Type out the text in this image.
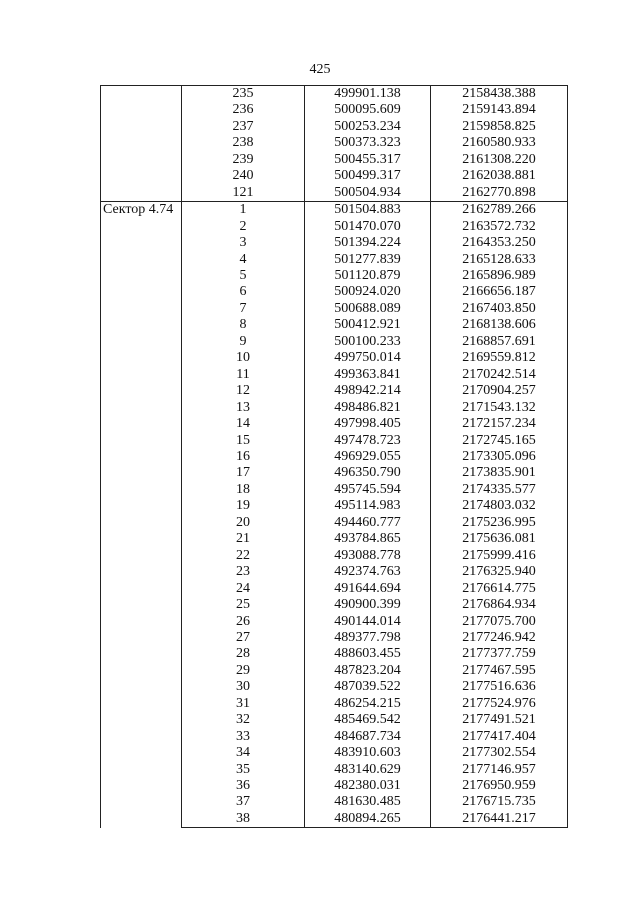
425
	235	499901.138	2158438.388
	236	500095.609	2159143.894
	237	500253.234	2159858.825
	238	500373.323	2160580.933
	239	500455.317	2161308.220
	240	500499.317	2162038.881
	121	500504.934	2162770.898
Сектор 4.74	1	501504.883	2162789.266
	2	501470.070	2163572.732
	3	501394.224	2164353.250
	4	501277.839	2165128.633
	5	501120.879	2165896.989
	6	500924.020	2166656.187
	7	500688.089	2167403.850
	8	500412.921	2168138.606
	9	500100.233	2168857.691
	10	499750.014	2169559.812
	11	499363.841	2170242.514
	12	498942.214	2170904.257
	13	498486.821	2171543.132
	14	497998.405	2172157.234
	15	497478.723	2172745.165
	16	496929.055	2173305.096
	17	496350.790	2173835.901
	18	495745.594	2174335.577
	19	495114.983	2174803.032
	20	494460.777	2175236.995
	21	493784.865	2175636.081
	22	493088.778	2175999.416
	23	492374.763	2176325.940
	24	491644.694	2176614.775
	25	490900.399	2176864.934
	26	490144.014	2177075.700
	27	489377.798	2177246.942
	28	488603.455	2177377.759
	29	487823.204	2177467.595
	30	487039.522	2177516.636
	31	486254.215	2177524.976
	32	485469.542	2177491.521
	33	484687.734	2177417.404
	34	483910.603	2177302.554
	35	483140.629	2177146.957
	36	482380.031	2176950.959
	37	481630.485	2176715.735
	38	480894.265	2176441.217
